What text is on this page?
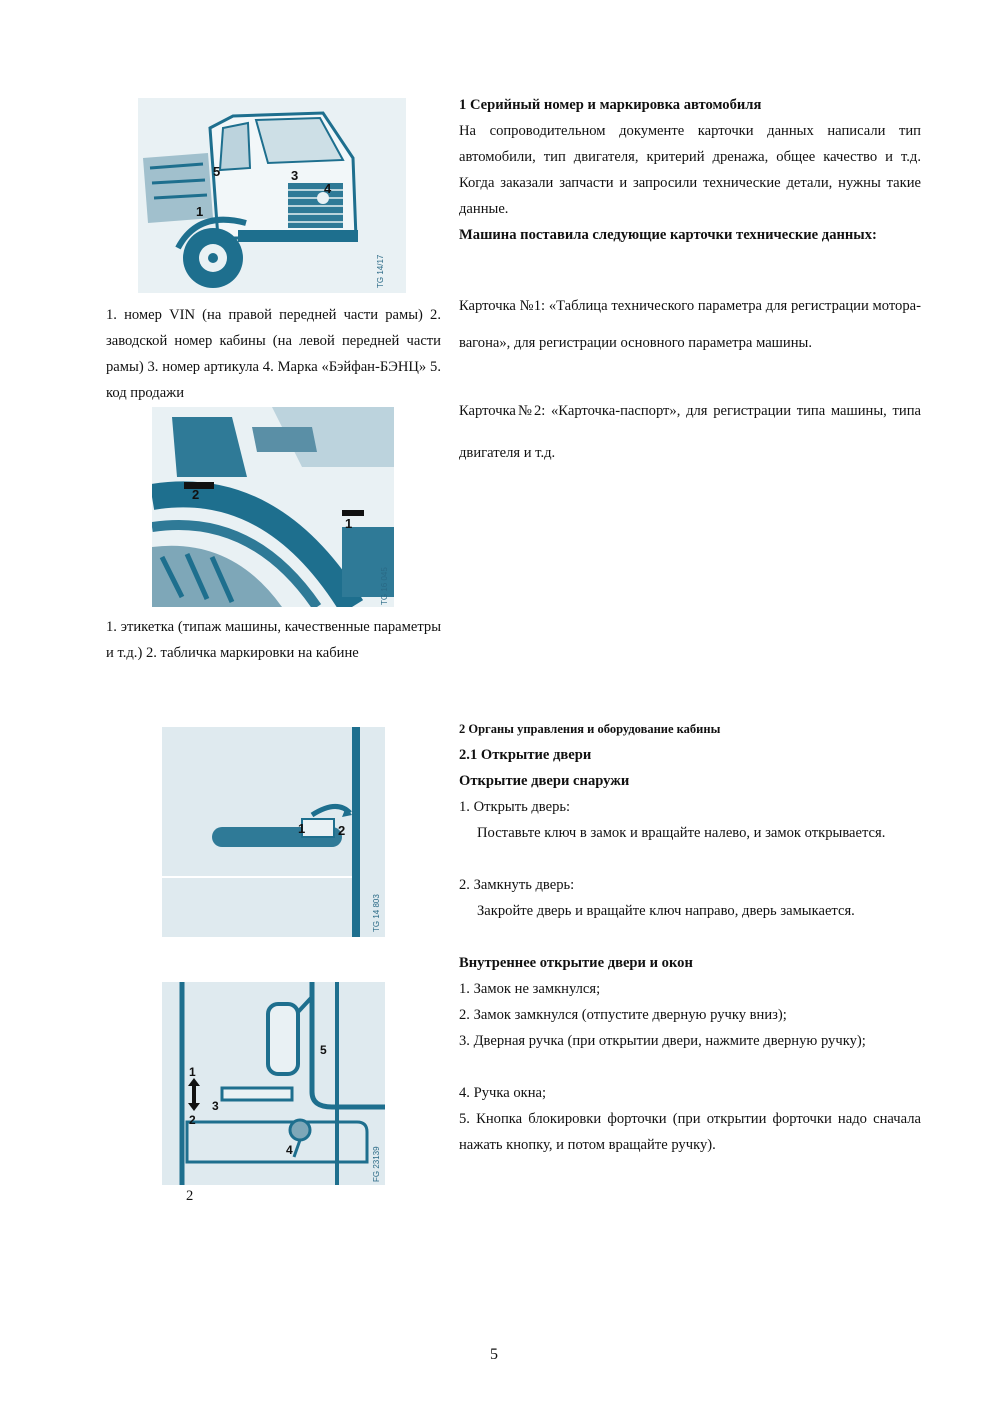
5	3
4
1
TG 14/17
1. номер VIN (на правой передней части рамы) 2. заводской номер кабины (на левой передней части рамы) 3. номер артикула 4. Марка «Бэйфан-БЭНЦ» 5. код продажи
2
1
TG 16 045
1. этикетка (типаж машины, качественные параметры и т.д.) 2. табличка маркировки на кабине
1 Серийный номер и маркировка автомобиля
На сопроводительном документе карточки данных написали тип автомобили, тип двигателя, критерий дренажа, общее качество и т.д. Когда заказали запчасти и запросили технические детали, нужны такие данные.
Машина поставила следующие карточки технические данных:
Карточка №1: «Таблица технического параметра для регистрации мотора-вагона», для регистрации основного параметра машины.
Карточка№2: «Карточка-паспорт», для регистрации типа машины, типа двигателя и т.д.
1	2
TG 14 803
1
2
3
4
5
FG 23139
2
2 Органы управления и оборудование кабины
2.1 Открытие двери
Открытие двери снаружи
1. Открыть дверь:
Поставьте ключ в замок и вращайте налево, и замок открывается.
2. Замкнуть дверь:
Закройте дверь и вращайте ключ направо, дверь замыкается.
Внутреннее открытие двери и окон
1. Замок не замкнулся;
2. Замок замкнулся (отпустите дверную ручку вниз);
3. Дверная ручка (при открытии двери, нажмите дверную ручку);
4. Ручка окна;
5. Кнопка блокировки форточки (при открытии форточки надо сначала нажать кнопку, и потом вращайте ручку).
5
